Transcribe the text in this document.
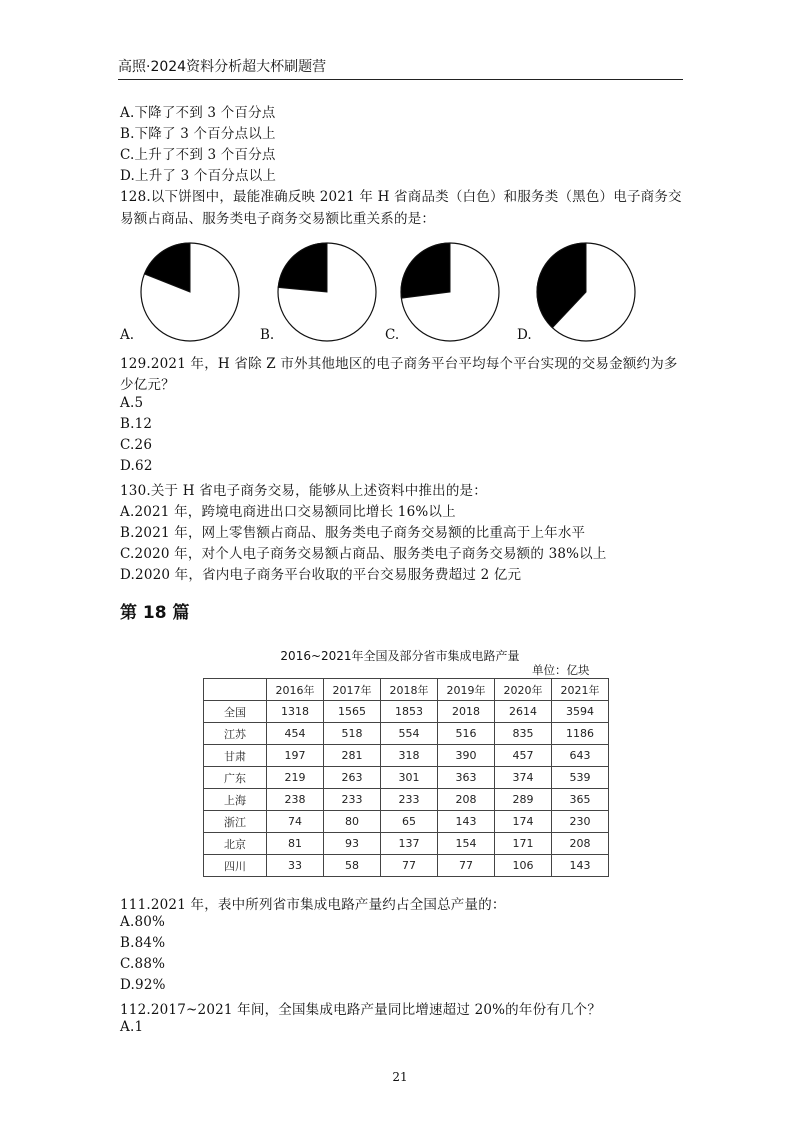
高照·2024资料分析超大杯刷题营
A.下降了不到 3 个百分点
B.下降了 3 个百分点以上
C.上升了不到 3 个百分点
D.上升了 3 个百分点以上
128.以下饼图中，最能准确反映 2021 年 H 省商品类（白色）和服务类（黑色）电子商务交
易额占商品、服务类电子商务交易额比重关系的是：
A.	B.	C.	D.
129.2021 年，H 省除 Z 市外其他地区的电子商务平台平均每个平台实现的交易金额约为多
少亿元？
A.5
B.12
C.26
D.62
130.关于 H 省电子商务交易，能够从上述资料中推出的是：
A.2021 年，跨境电商进出口交易额同比增长 16%以上
B.2021 年，网上零售额占商品、服务类电子商务交易额的比重高于上年水平
C.2020 年，对个人电子商务交易额占商品、服务类电子商务交易额的 38%以上
D.2020 年，省内电子商务平台收取的平台交易服务费超过 2 亿元
第 18 篇
2016~2021年全国及部分省市集成电路产量
单位：亿块
	2016年	2017年	2018年	2019年	2020年	2021年
全国	1318	1565	1853	2018	2614	3594
江苏	454	518	554	516	835	1186
甘肃	197	281	318	390	457	643
广东	219	263	301	363	374	539
上海	238	233	233	208	289	365
浙江	74	80	65	143	174	230
北京	81	93	137	154	171	208
四川	33	58	77	77	106	143
111.2021 年，表中所列省市集成电路产量约占全国总产量的：
A.80%
B.84%
C.88%
D.92%
112.2017~2021 年间，全国集成电路产量同比增速超过 20%的年份有几个？
A.1
21
